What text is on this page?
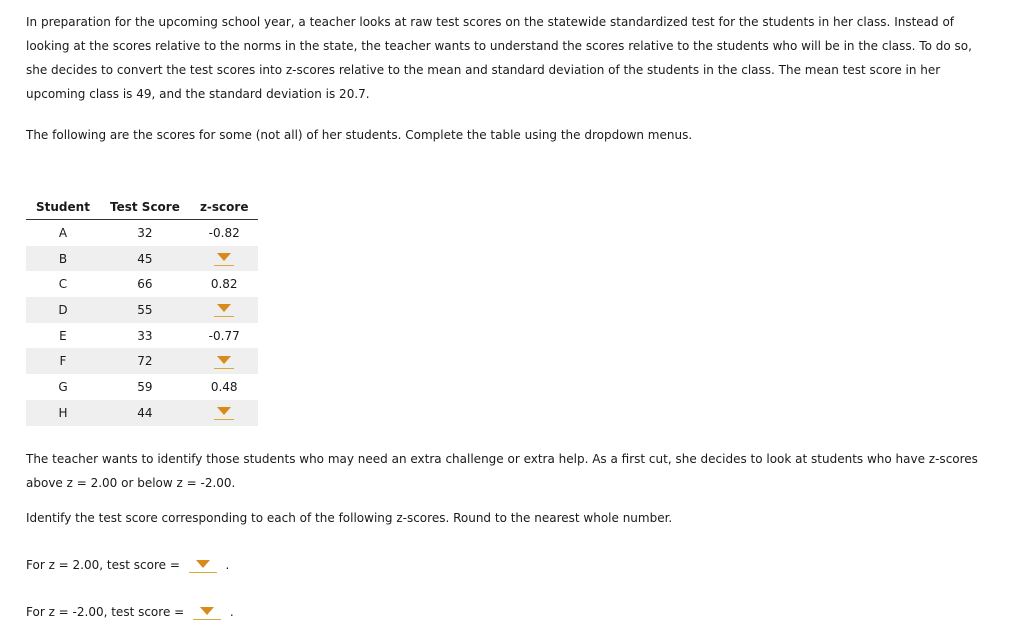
In preparation for the upcoming school year, a teacher looks at raw test scores on the statewide standardized test for the students in her class. Instead of looking at the scores relative to the norms in the state, the teacher wants to understand the scores relative to the students who will be in the class. To do so, she decides to convert the test scores into z-scores relative to the mean and standard deviation of the students in the class. The mean test score in her upcoming class is 49, and the standard deviation is 20.7.

The following are the scores for some (not all) of her students. Complete the table using the dropdown menus.

Student	Test Score	z-score
A	32	-0.82
B	45	

C	66	0.82
D	55	

E	33	-0.77
F	72	

G	59	0.48
H	44	

The teacher wants to identify those students who may need an extra challenge or extra help. As a first cut, she decides to look at students who have z-scores above z = 2.00 or below z = -2.00.

Identify the test score corresponding to each of the following z-scores. Round to the nearest whole number.

For z = 2.00, test score =	.

For z = -2.00, test score =	.
